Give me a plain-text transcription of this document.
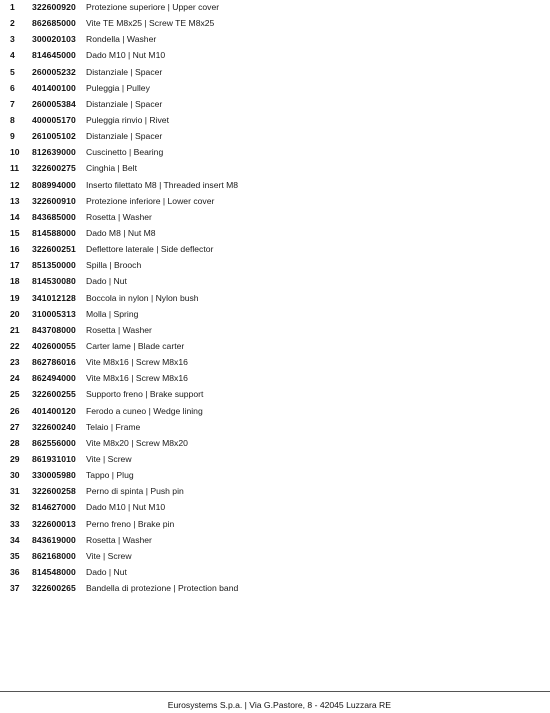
1	322600920	Protezione superiore | Upper cover
2	862685000	Vite TE M8x25 | Screw TE M8x25
3	300020103	Rondella | Washer
4	814645000	Dado M10 | Nut M10
5	260005232	Distanziale | Spacer
6	401400100	Puleggia | Pulley
7	260005384	Distanziale | Spacer
8	400005170	Puleggia rinvio | Rivet
9	261005102	Distanziale | Spacer
10	812639000	Cuscinetto | Bearing
11	322600275	Cinghia | Belt
12	808994000	Inserto filettato M8 | Threaded insert M8
13	322600910	Protezione inferiore | Lower cover
14	843685000	Rosetta | Washer
15	814588000	Dado M8 | Nut M8
16	322600251	Deflettore laterale | Side deflector
17	851350000	Spilla | Brooch
18	814530080	Dado | Nut
19	341012128	Boccola in nylon | Nylon bush
20	310005313	Molla | Spring
21	843708000	Rosetta | Washer
22	402600055	Carter lame | Blade carter
23	862786016	Vite M8x16 | Screw M8x16
24	862494000	Vite M8x16 | Screw M8x16
25	322600255	Supporto freno | Brake support
26	401400120	Ferodo a cuneo | Wedge lining
27	322600240	Telaio | Frame
28	862556000	Vite M8x20 | Screw M8x20
29	861931010	Vite | Screw
30	330005980	Tappo | Plug
31	322600258	Perno di spinta | Push pin
32	814627000	Dado M10 | Nut M10
33	322600013	Perno freno | Brake pin
34	843619000	Rosetta | Washer
35	862168000	Vite | Screw
36	814548000	Dado | Nut
37	322600265	Bandella di protezione | Protection band
Eurosystems S.p.a. | Via G.Pastore, 8 - 42045 Luzzara RE
